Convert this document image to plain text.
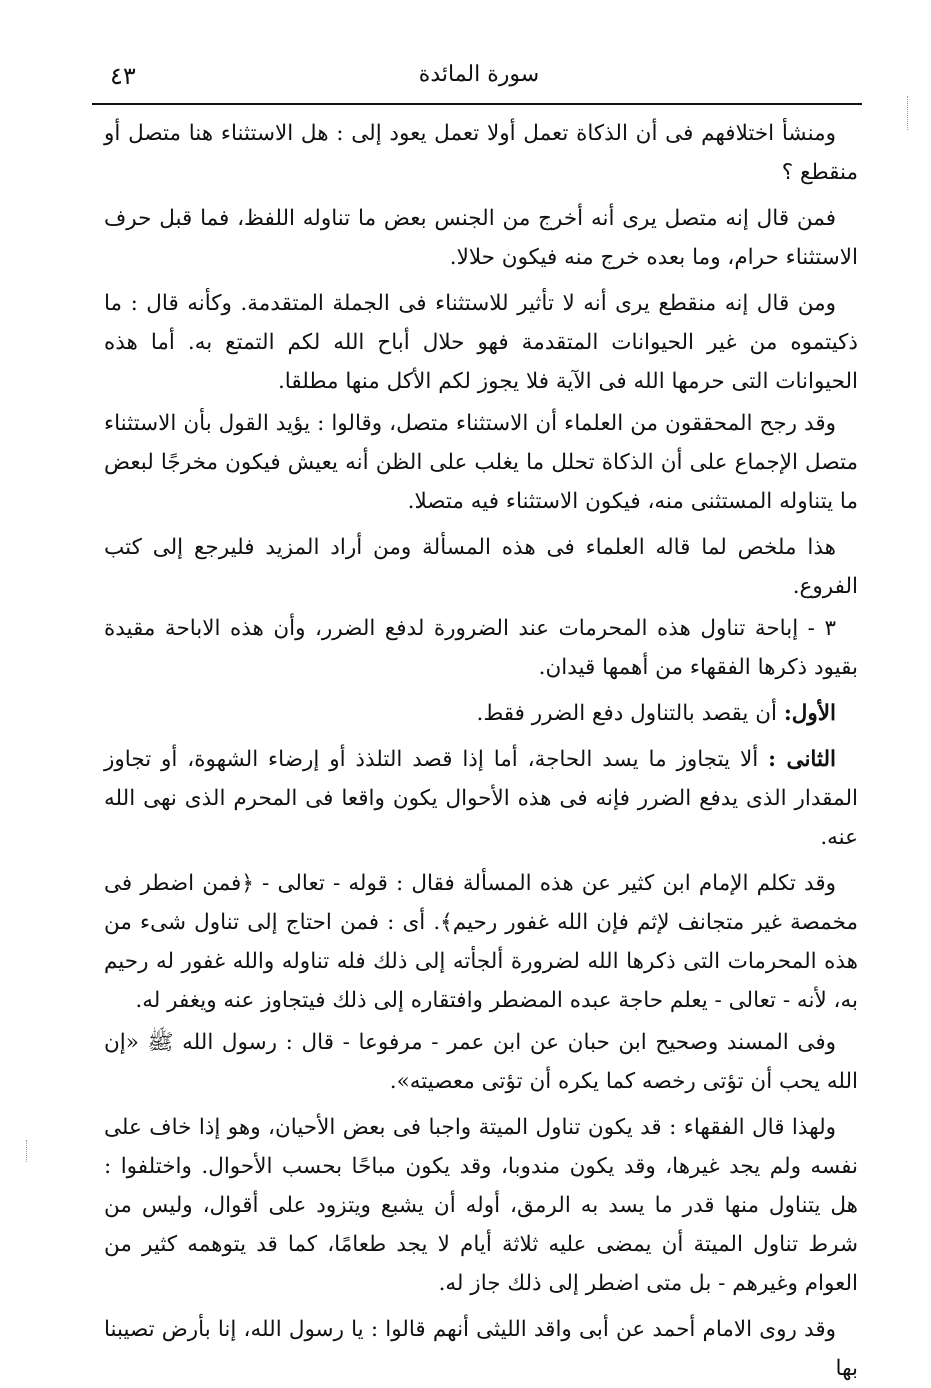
٤٣	سورة المائدة

ومنشأ اختلافهم فى أن الذكاة تعمل أولا تعمل يعود إلى : هل الاستثناء هنا متصل أو منقطع ؟

فمن قال إنه متصل يرى أنه أخرج من الجنس بعض ما تناوله اللفظ، فما قبل حرف الاستثناء حرام، وما بعده خرج منه فيكون حلالا.

ومن قال إنه منقطع يرى أنه لا تأثير للاستثناء فى الجملة المتقدمة. وكأنه قال : ما ذكيتموه من غير الحيوانات المتقدمة فهو حلال أباح الله لكم التمتع به. أما هذه الحيوانات التى حرمها الله فى الآية فلا يجوز لكم الأكل منها مطلقا.

وقد رجح المحققون من العلماء أن الاستثناء متصل، وقالوا : يؤيد القول بأن الاستثناء متصل الإجماع على أن الذكاة تحلل ما يغلب على الظن أنه يعيش فيكون مخرجًا لبعض ما يتناوله المستثنى منه، فيكون الاستثناء فيه متصلا.

هذا ملخص لما قاله العلماء فى هذه المسألة ومن أراد المزيد فليرجع إلى كتب الفروع.

٣ - إباحة تناول هذه المحرمات عند الضرورة لدفع الضرر، وأن هذه الاباحة مقيدة بقيود ذكرها الفقهاء من أهمها قيدان.

الأول: أن يقصد بالتناول دفع الضرر فقط.

الثانى : ألا يتجاوز ما يسد الحاجة، أما إذا قصد التلذذ أو إرضاء الشهوة، أو تجاوز المقدار الذى يدفع الضرر فإنه فى هذه الأحوال يكون واقعا فى المحرم الذى نهى الله عنه.

وقد تكلم الإمام ابن كثير عن هذه المسألة فقال : قوله - تعالى - ﴿فمن اضطر فى مخمصة غير متجانف لإثم فإن الله غفور رحيم﴾. أى : فمن احتاج إلى تناول شىء من هذه المحرمات التى ذكرها الله لضرورة ألجأته إلى ذلك فله تناوله والله غفور له رحيم به، لأنه - تعالى - يعلم حاجة عبده المضطر وافتقاره إلى ذلك فيتجاوز عنه ويغفر له.

وفى المسند وصحيح ابن حبان عن ابن عمر - مرفوعا - قال : رسول الله ﷺ «إن الله يحب أن تؤتى رخصه كما يكره أن تؤتى معصيته».

ولهذا قال الفقهاء : قد يكون تناول الميتة واجبا فى بعض الأحيان، وهو إذا خاف على نفسه ولم يجد غيرها، وقد يكون مندوبا، وقد يكون مباحًا بحسب الأحوال. واختلفوا : هل يتناول منها قدر ما يسد به الرمق، أوله أن يشبع ويتزود على أقوال، وليس من شرط تناول الميتة أن يمضى عليه ثلاثة أيام لا يجد طعامًا، كما قد يتوهمه كثير من العوام وغيرهم - بل متى اضطر إلى ذلك جاز له.

وقد روى الامام أحمد عن أبى واقد الليثى أنهم قالوا : يا رسول الله، إنا بأرض تصيبنا بها
